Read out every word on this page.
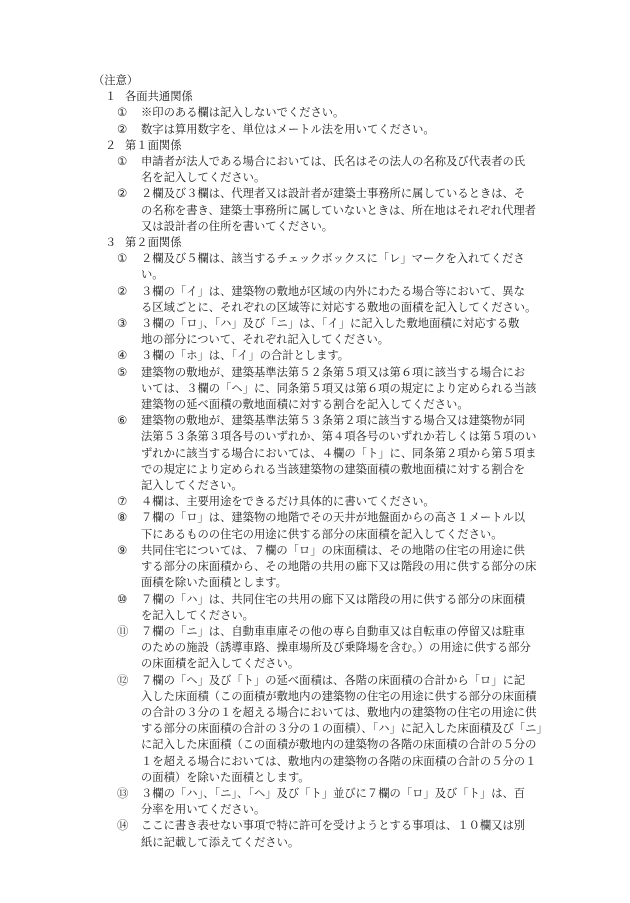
（注意）
１ 各面共通関係
①	※印のある欄は記入しないでください。
②	数字は算用数字を、単位はメートル法を用いてください。
２ 第１面関係
①	申請者が法人である場合においては、氏名はその法人の名称及び代表者の氏
名を記入してください。
②	２欄及び３欄は、代理者又は設計者が建築士事務所に属しているときは、そ
の名称を書き、建築士事務所に属していないときは、所在地はそれぞれ代理者
又は設計者の住所を書いてください。
３ 第２面関係
①	２欄及び５欄は、該当するチェックボックスに「レ」マークを入れてくださ
い。
②	３欄の「イ」は、建築物の敷地が区域の内外にわたる場合等において、異な
る区域ごとに、それぞれの区域等に対応する敷地の面積を記入してください。
③	３欄の「ロ」、「ハ」及び「ニ」は、「イ」に記入した敷地面積に対応する敷
地の部分について、それぞれ記入してください。
④	３欄の「ホ」は、「イ」の合計とします。
⑤	建築物の敷地が、建築基準法第５２条第５項又は第６項に該当する場合にお
いては、３欄の「ヘ」に、同条第５項又は第６項の規定により定められる当該
建築物の延べ面積の敷地面積に対する割合を記入してください。
⑥	建築物の敷地が、建築基準法第５３条第２項に該当する場合又は建築物が同
法第５３条第３項各号のいずれか、第４項各号のいずれか若しくは第５項のい
ずれかに該当する場合においては、４欄の「ト」に、同条第２項から第５項ま
での規定により定められる当該建築物の建築面積の敷地面積に対する割合を
記入してください。
⑦	４欄は、主要用途をできるだけ具体的に書いてください。
⑧	７欄の「ロ」は、建築物の地階でその天井が地盤面からの高さ１メートル以
下にあるものの住宅の用途に供する部分の床面積を記入してください。
⑨	共同住宅については、７欄の「ロ」の床面積は、その地階の住宅の用途に供
する部分の床面積から、その地階の共用の廊下又は階段の用に供する部分の床
面積を除いた面積とします。
⑩	７欄の「ハ」は、共同住宅の共用の廊下又は階段の用に供する部分の床面積
を記入してください。
⑪	７欄の「ニ」は、自動車車庫その他の専ら自動車又は自転車の停留又は駐車
のための施設（誘導車路、操車場所及び乗降場を含む。）の用途に供する部分
の床面積を記入してください。
⑫	７欄の「ヘ」及び「ト」の延べ面積は、各階の床面積の合計から「ロ」に記
入した床面積（この面積が敷地内の建築物の住宅の用途に供する部分の床面積
の合計の３分の１を超える場合においては、敷地内の建築物の住宅の用途に供
する部分の床面積の合計の３分の１の面積）、「ハ」に記入した床面積及び「ニ」
に記入した床面積（この面積が敷地内の建築物の各階の床面積の合計の５分の
１を超える場合においては、敷地内の建築物の各階の床面積の合計の５分の１
の面積）を除いた面積とします。
⑬	３欄の「ハ」、「ニ」、「ヘ」及び「ト」並びに７欄の「ロ」及び「ト」は、百
分率を用いてください。
⑭	ここに書き表せない事項で特に許可を受けようとする事項は、１０欄又は別
紙に記載して添えてください。
